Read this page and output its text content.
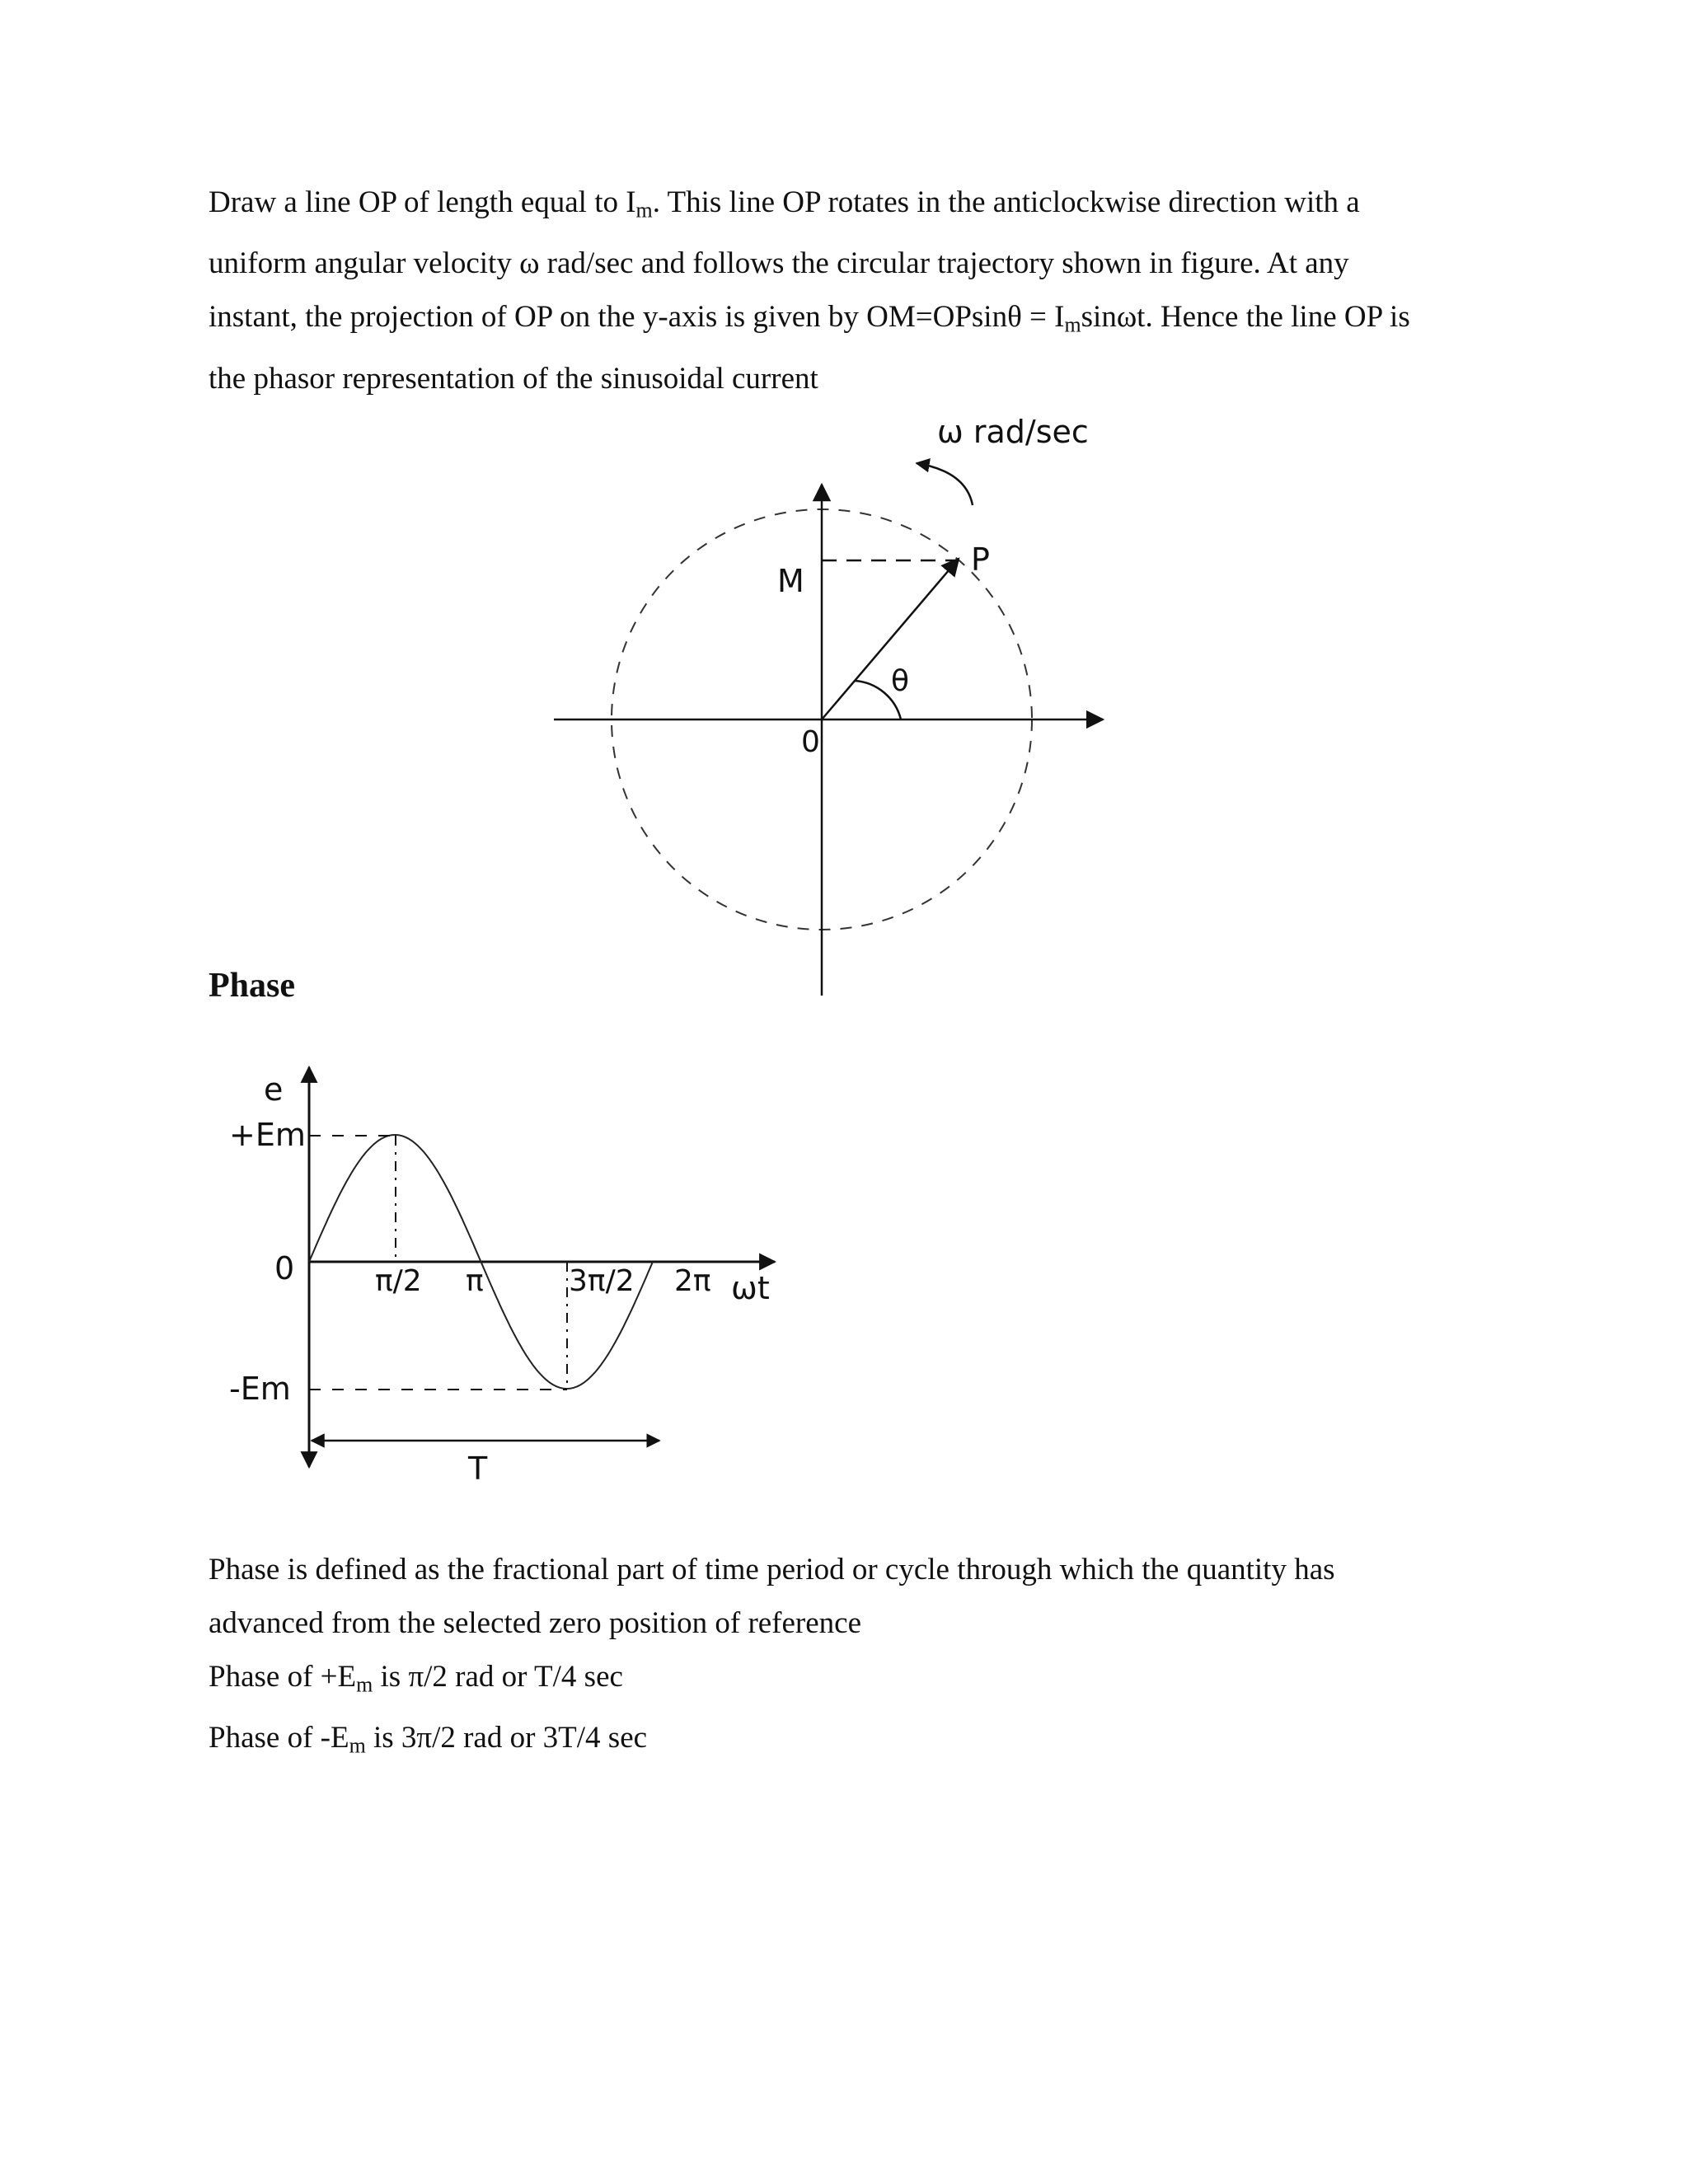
Draw a line OP of length equal to $I_m$. This line OP rotates in the anticlockwise direction with a
uniform angular velocity ω rad/sec and follows the circular trajectory shown in figure. At any
instant, the projection of OP on the y-axis is given by $OM=OPsin\theta = I_m\sin\omega t$. Hence the line OP is
the phasor representation of the sinusoidal current

ω rad/sec
P
M
θ
0
e
+Em
0
-Em
π/2 π	3π/2 2π ωt
T
Phase

Phase is defined as the fractional part of time period or cycle through which the quantity has
advanced from the selected zero position of reference
Phase of $+E_m$ is π/2 rad or T/4 sec
Phase of $-E_m$ is 3π/2 rad or 3T/4 sec
